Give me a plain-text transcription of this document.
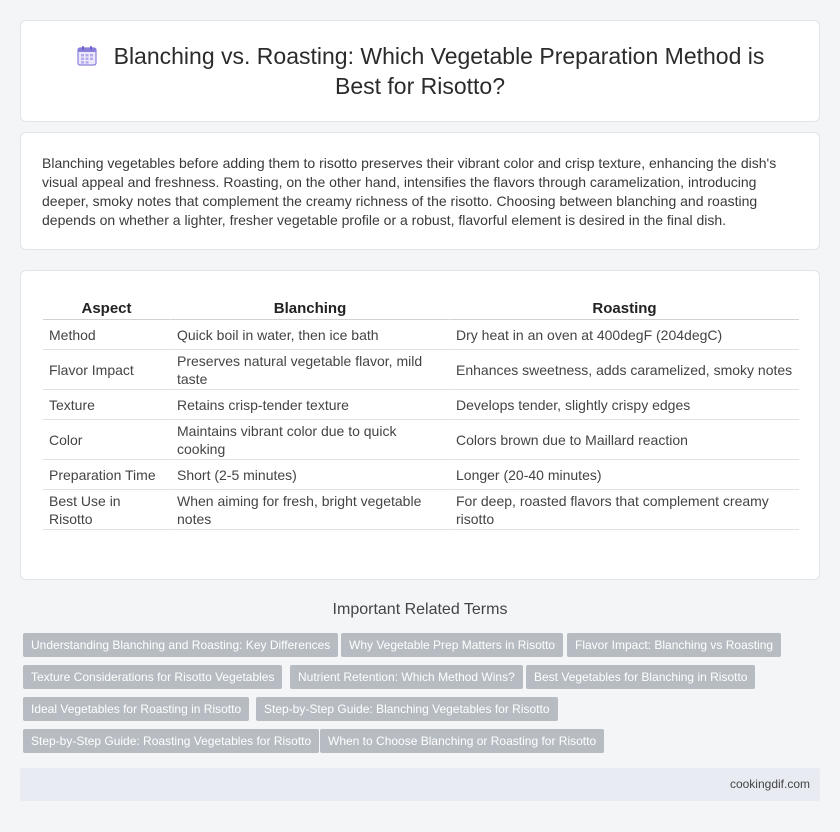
Blanching vs. Roasting: Which Vegetable Preparation Method is Best for Risotto?

Blanching vegetables before adding them to risotto preserves their vibrant color and crisp texture, enhancing the dish's visual appeal and freshness. Roasting, on the other hand, intensifies the flavors through caramelization, introducing deeper, smoky notes that complement the creamy richness of the risotto. Choosing between blanching and roasting depends on whether a lighter, fresher vegetable profile or a robust, flavorful element is desired in the final dish.

Aspect	Blanching	Roasting
Method	Quick boil in water, then ice bath	Dry heat in an oven at 400degF (204degC)
Flavor Impact	Preserves natural vegetable flavor, mild taste	Enhances sweetness, adds caramelized, smoky notes
Texture	Retains crisp-tender texture	Develops tender, slightly crispy edges
Color	Maintains vibrant color due to quick cooking	Colors brown due to Maillard reaction
Preparation Time	Short (2-5 minutes)	Longer (20-40 minutes)
Best Use in Risotto	When aiming for fresh, bright vegetable notes	For deep, roasted flavors that complement creamy risotto
Important Related Terms
Understanding Blanching and Roasting: Key Differences	Why Vegetable Prep Matters in Risotto	Flavor Impact: Blanching vs Roasting
Texture Considerations for Risotto Vegetables	Nutrient Retention: Which Method Wins?	Best Vegetables for Blanching in Risotto
Ideal Vegetables for Roasting in Risotto	Step-by-Step Guide: Blanching Vegetables for Risotto
Step-by-Step Guide: Roasting Vegetables for Risotto	When to Choose Blanching or Roasting for Risotto
cookingdif.com
